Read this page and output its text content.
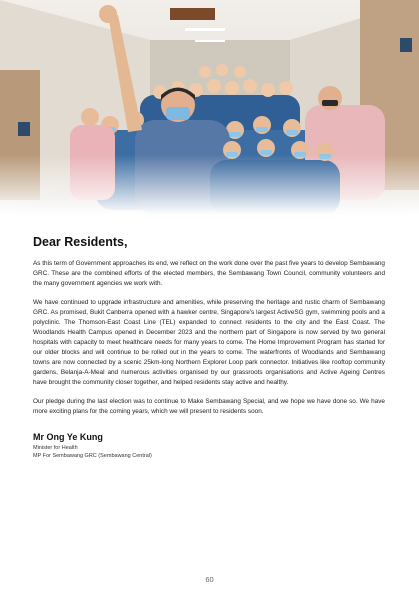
Dear Residents,

As this term of Government approaches its end, we reflect on the work done over the past five years to develop Sembawang GRC. These are the combined efforts of the elected members, the Sembawang Town Council, community volunteers and the many government agencies we work with.

We have continued to upgrade infrastructure and amenities, while preserving the heritage and rustic charm of Sembawang GRC. As promised, Bukit Canberra opened with a hawker centre, Singapore's largest ActiveSG gym, swimming pools and a polyclinic. The Thomson-East Coast Line (TEL) expanded to connect residents to the city and the East Coast. The Woodlands Health Campus opened in December 2023 and the northern part of Singapore is now served by two general hospitals with capacity to meet healthcare needs for many years to come. The Home Improvement Program has started for our older blocks and will continue to be rolled out in the years to come. The waterfronts of Woodlands and Sembawang towns are now connected by a scenic 25km-long Northern Explorer Loop park connector. Initiatives like rooftop community gardens, Belanja-A-Meal and numerous activities organised by our grassroots organisations and Active Ageing Centres have brought the community closer together, and helped residents stay active and healthy.

Our pledge during the last election was to continue to Make Sembawang Special, and we hope we have done so. We have more exciting plans for the coming years, which we will present to residents soon.

Mr Ong Ye Kung
Minister for Health
MP For Sembawang GRC (Sembawang Central)
60
